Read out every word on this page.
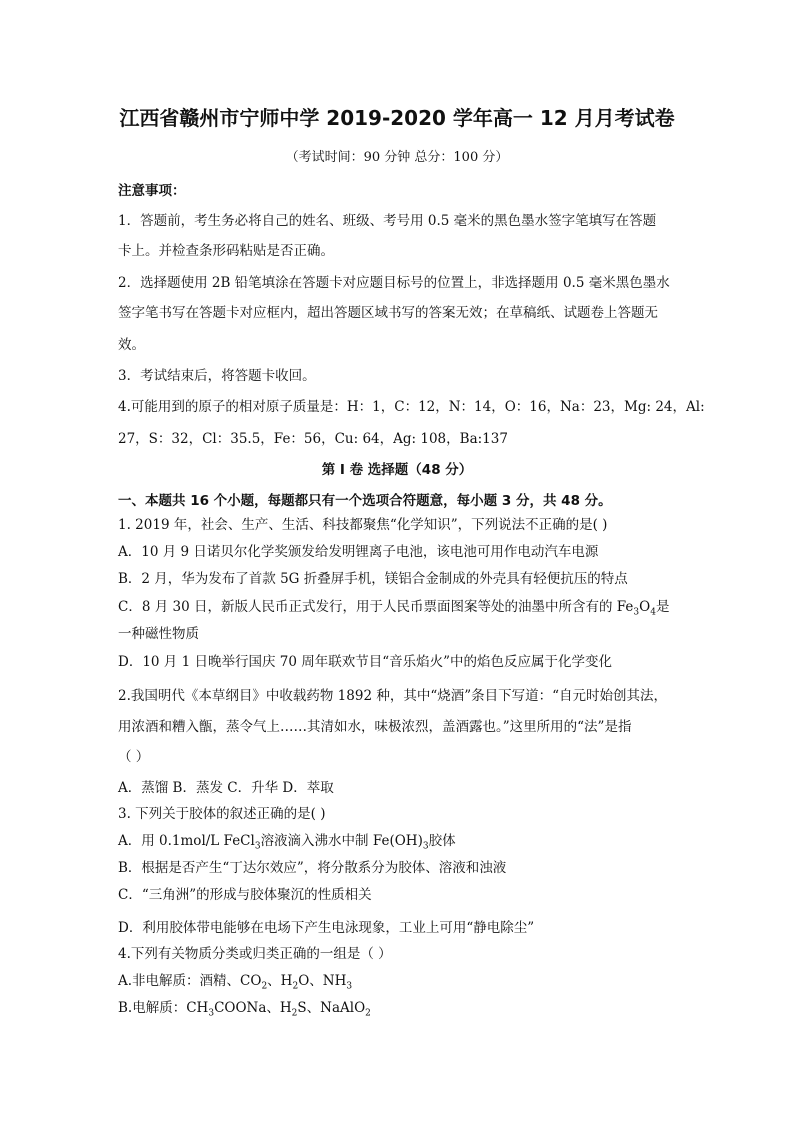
江西省赣州市宁师中学 2019-2020 学年高一 12 月月考试卷
（考试时间：90 分钟 总分：100 分）
注意事项：
1．答题前，考生务必将自己的姓名、班级、考号用 0.5 毫米的黑色墨水签字笔填写在答题
卡上。并检查条形码粘贴是否正确。
2．选择题使用 2B 铅笔填涂在答题卡对应题目标号的位置上，非选择题用 0.5 毫米黑色墨水
签字笔书写在答题卡对应框内，超出答题区域书写的答案无效；在草稿纸、试题卷上答题无
效。
3．考试结束后，将答题卡收回。
4.可能用到的原子的相对原子质量是：H：1，C：12，N：14，O：16，Na：23，Mg: 24，Al:
27，S：32，Cl：35.5，Fe：56，Cu: 64，Ag: 108，Ba:137
第 I 卷 选择题（48 分）
一、本题共 16 个小题，每题都只有一个选项合符题意，每小题 3 分，共 48 分。
1. 2019 年，社会、生产、生活、科技都聚焦“化学知识”，下列说法不正确的是( )
A．10 月 9 日诺贝尔化学奖颁发给发明锂离子电池，该电池可用作电动汽车电源
B．2 月，华为发布了首款 5G 折叠屏手机，镁铝合金制成的外壳具有轻便抗压的特点
C．8 月 30 日，新版人民币正式发行，用于人民币票面图案等处的油墨中所含有的 $Fe_3O_4$是
一种磁性物质
D．10 月 1 日晚举行国庆 70 周年联欢节目“音乐焰火”中的焰色反应属于化学变化
2.我国明代《本草纲目》中收载药物 1892 种，其中“烧酒”条目下写道：“自元时始创其法，
用浓酒和糟入甑，蒸令气上……其清如水，味极浓烈，盖酒露也。”这里所用的“法”是指
（ ）
A．蒸馏 B．蒸发 C．升华 D．萃取
3. 下列关于胶体的叙述正确的是( )
A．用 0.1mol/L FeCl$_3$溶液滴入沸水中制 $Fe(OH)_3$胶体
B．根据是否产生“丁达尔效应”，将分散系分为胶体、溶液和浊液
C．“三角洲”的形成与胶体聚沉的性质相关
D．利用胶体带电能够在电场下产生电泳现象，工业上可用“静电除尘”
4.下列有关物质分类或归类正确的一组是（ ）
A.非电解质：酒精、$CO_2$、$H_2O$、$NH_3$
B.电解质：$CH_3COONa$、$H_2S$、NaAlO$_2$
